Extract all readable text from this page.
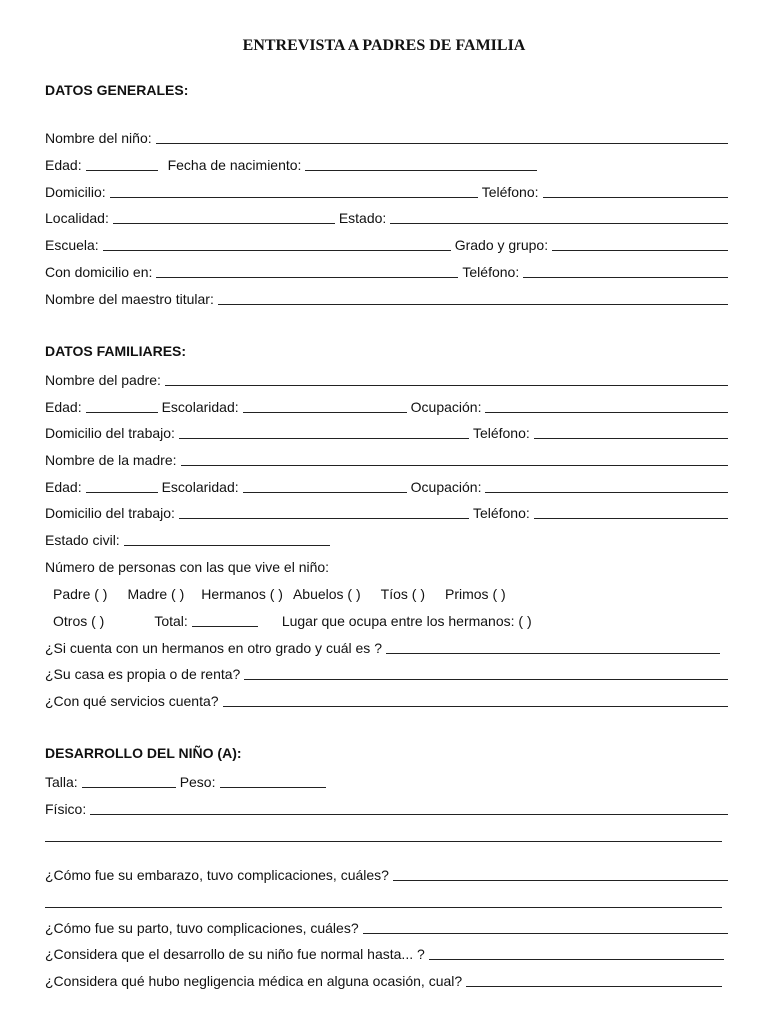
ENTREVISTA A PADRES DE FAMILIA
DATOS GENERALES:
Nombre del niño:
Edad:	Fecha de nacimiento:
Domicilio:	Teléfono:
Localidad:	Estado:
Escuela:	Grado y grupo:
Con domicilio en:	Teléfono:
Nombre del maestro titular:
DATOS FAMILIARES:
Nombre del padre:
Edad:	Escolaridad:	Ocupación:
Domicilio del trabajo:	Teléfono:
Nombre de la madre:
Edad:	Escolaridad:	Ocupación:
Domicilio del trabajo:	Teléfono:
Estado civil:
Número de personas con las que vive el niño:
Padre ( ) Madre ( ) Hermanos ( ) Abuelos ( ) Tíos ( ) Primos ( )
Otros ( )	Total:	Lugar que ocupa entre los hermanos: ( )
¿Si cuenta con un hermanos en otro grado y cuál es ?
¿Su casa es propia o de renta?
¿Con qué servicios cuenta?
DESARROLLO DEL NIÑO (A):
Talla:	Peso:
Físico:
¿Cómo fue su embarazo, tuvo complicaciones, cuáles?
¿Cómo fue su parto, tuvo complicaciones, cuáles?
¿Considera que el desarrollo de su niño fue normal hasta... ?
¿Considera qué hubo negligencia médica en alguna ocasión, cual?
